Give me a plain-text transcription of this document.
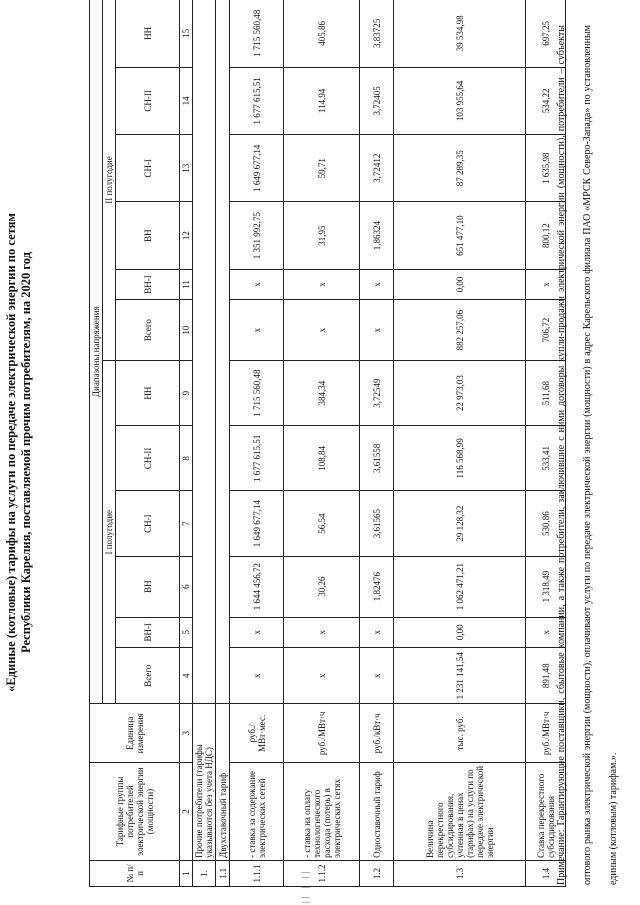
«Единые (котловые) тарифы на услуги по передаче электрической энергии по сетям Республики Карелия, поставляемой прочим потребителям, на 2020 год
№ п/п	Тарифные группы потребителей электрической энергии (мощности)	Единица измерения	Диапазоны напряжения											
			I полугодие						II полугодие					
			Всего	ВН-I	ВН	СН-I	СН-II	НН	Всего	ВН-I	ВН	СН-I	СН-II	НН
1	2	3	4	5	6	7	8	9	10	11	12	13	14	15
1.	Прочие потребители (тарифы указываются без учета НДС)													
1.1	Двухставочный тариф													
1.1.1	- ставка за содержание электрических сетей	руб./МВт·мес.	x	x	1 644 456,72	1 649 677,14	1 677 615,51	1 715 560,48	x	x	1 351 992,75	1 649 677,14	1 677 615,51	1 715 560,48
1.1.2	- ставка на оплату технологического расхода (потерь) в электрических сетях	руб./МВт·ч	x	x	30,26	56,54	108,84	384,34	x	x	31,95	59,71	114,94	405,86
1.2	Одноставочный тариф	руб./кВт·ч	x	x	1,82476	3,61565	3,61558	3,72549	x	x	1,86324	3,72412	3,72405	3,83725
1.3	Величина перекрестного субсидирования, учтенная в ценах (тарифах) на услуги по передаче электрической энергии	тыс. руб.	1 231 141,54	0,00	1 062 471,21	29 128,32	116 568,99	22 973,03	882 257,06	0,00	651 477,10	87 289,35	103 955,64	39 534,98
1.4	Ставка перекрестного субсидирования	руб./МВт·ч	891,48	x	1 318,49	530,86	533,41	511,68	706,72	x	800,12	1 635,98	534,22	697,25 Примечание: Гарантирующие поставщики, сбытовые компании, а также потребители, заключившие с ними договоры купли-продажи электрической энергии (мощности), потребители – субъекты оптового рынка электрической энергии (мощности), оплачивают услуги по передаче электрической энергии (мощности) в адрес Карельского филиала ПАО «МРСК Северо-Запада» по установленным единым (котловым) тарифам.».
|| | ||
